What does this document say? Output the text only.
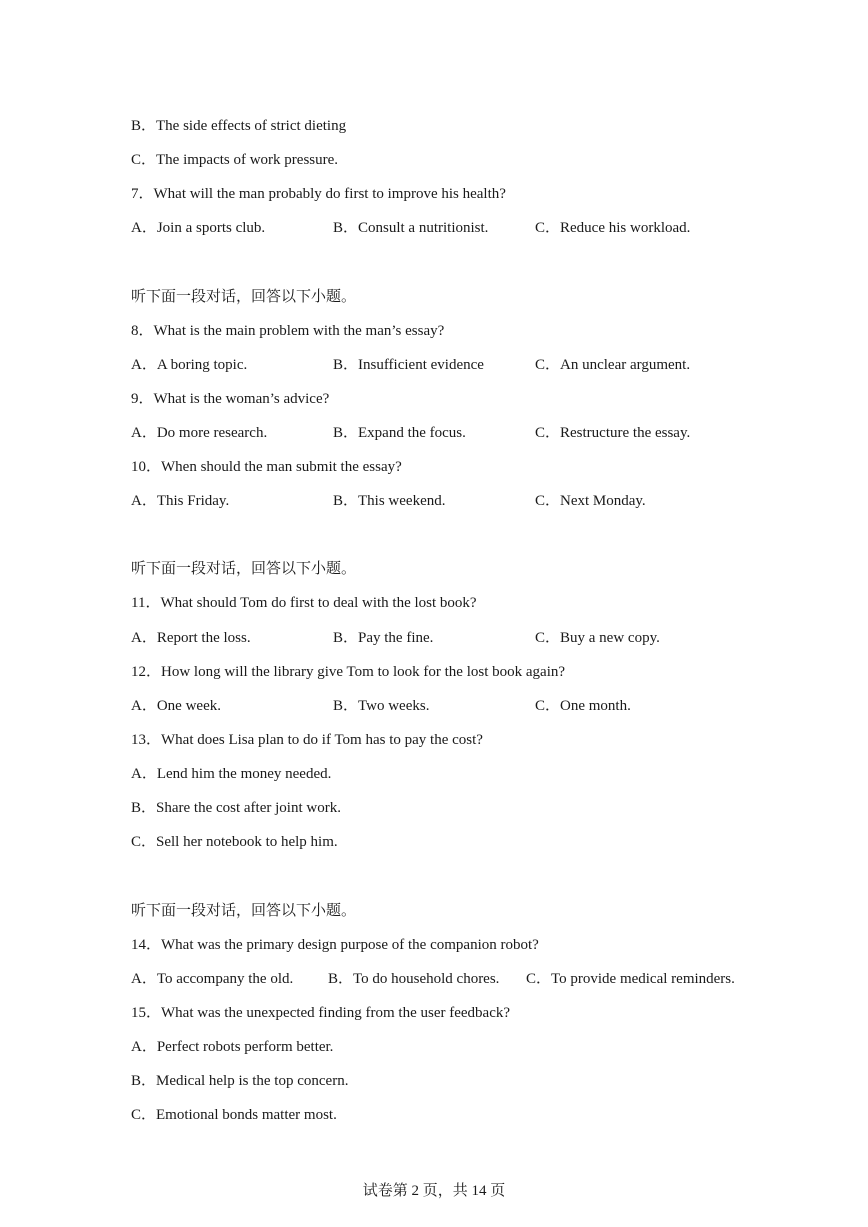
B．The side effects of strict dieting
C．The impacts of work pressure.
7．What will the man probably do first to improve his health?
A．Join a sports club.	B．Consult a nutritionist.	C．Reduce his workload.
听下面一段对话，回答以下小题。
8．What is the main problem with the man’s essay?
A．A boring topic.	B．Insufficient evidence	C．An unclear argument.
9．What is the woman’s advice?
A．Do more research.	B．Expand the focus.	C．Restructure the essay.
10．When should the man submit the essay?
A．This Friday.	B．This weekend.	C．Next Monday.
听下面一段对话，回答以下小题。
11．What should Tom do first to deal with the lost book?
A．Report the loss.	B．Pay the fine.	C．Buy a new copy.
12．How long will the library give Tom to look for the lost book again?
A．One week.	B．Two weeks.	C．One month.
13．What does Lisa plan to do if Tom has to pay the cost?
A．Lend him the money needed.
B．Share the cost after joint work.
C．Sell her notebook to help him.
听下面一段对话，回答以下小题。
14．What was the primary design purpose of the companion robot?
A．To accompany the old. B．To do household chores. C．To provide medical reminders.
15．What was the unexpected finding from the user feedback?
A．Perfect robots perform better.
B．Medical help is the top concern.
C．Emotional bonds matter most.
试卷第 2 页，共 14 页
